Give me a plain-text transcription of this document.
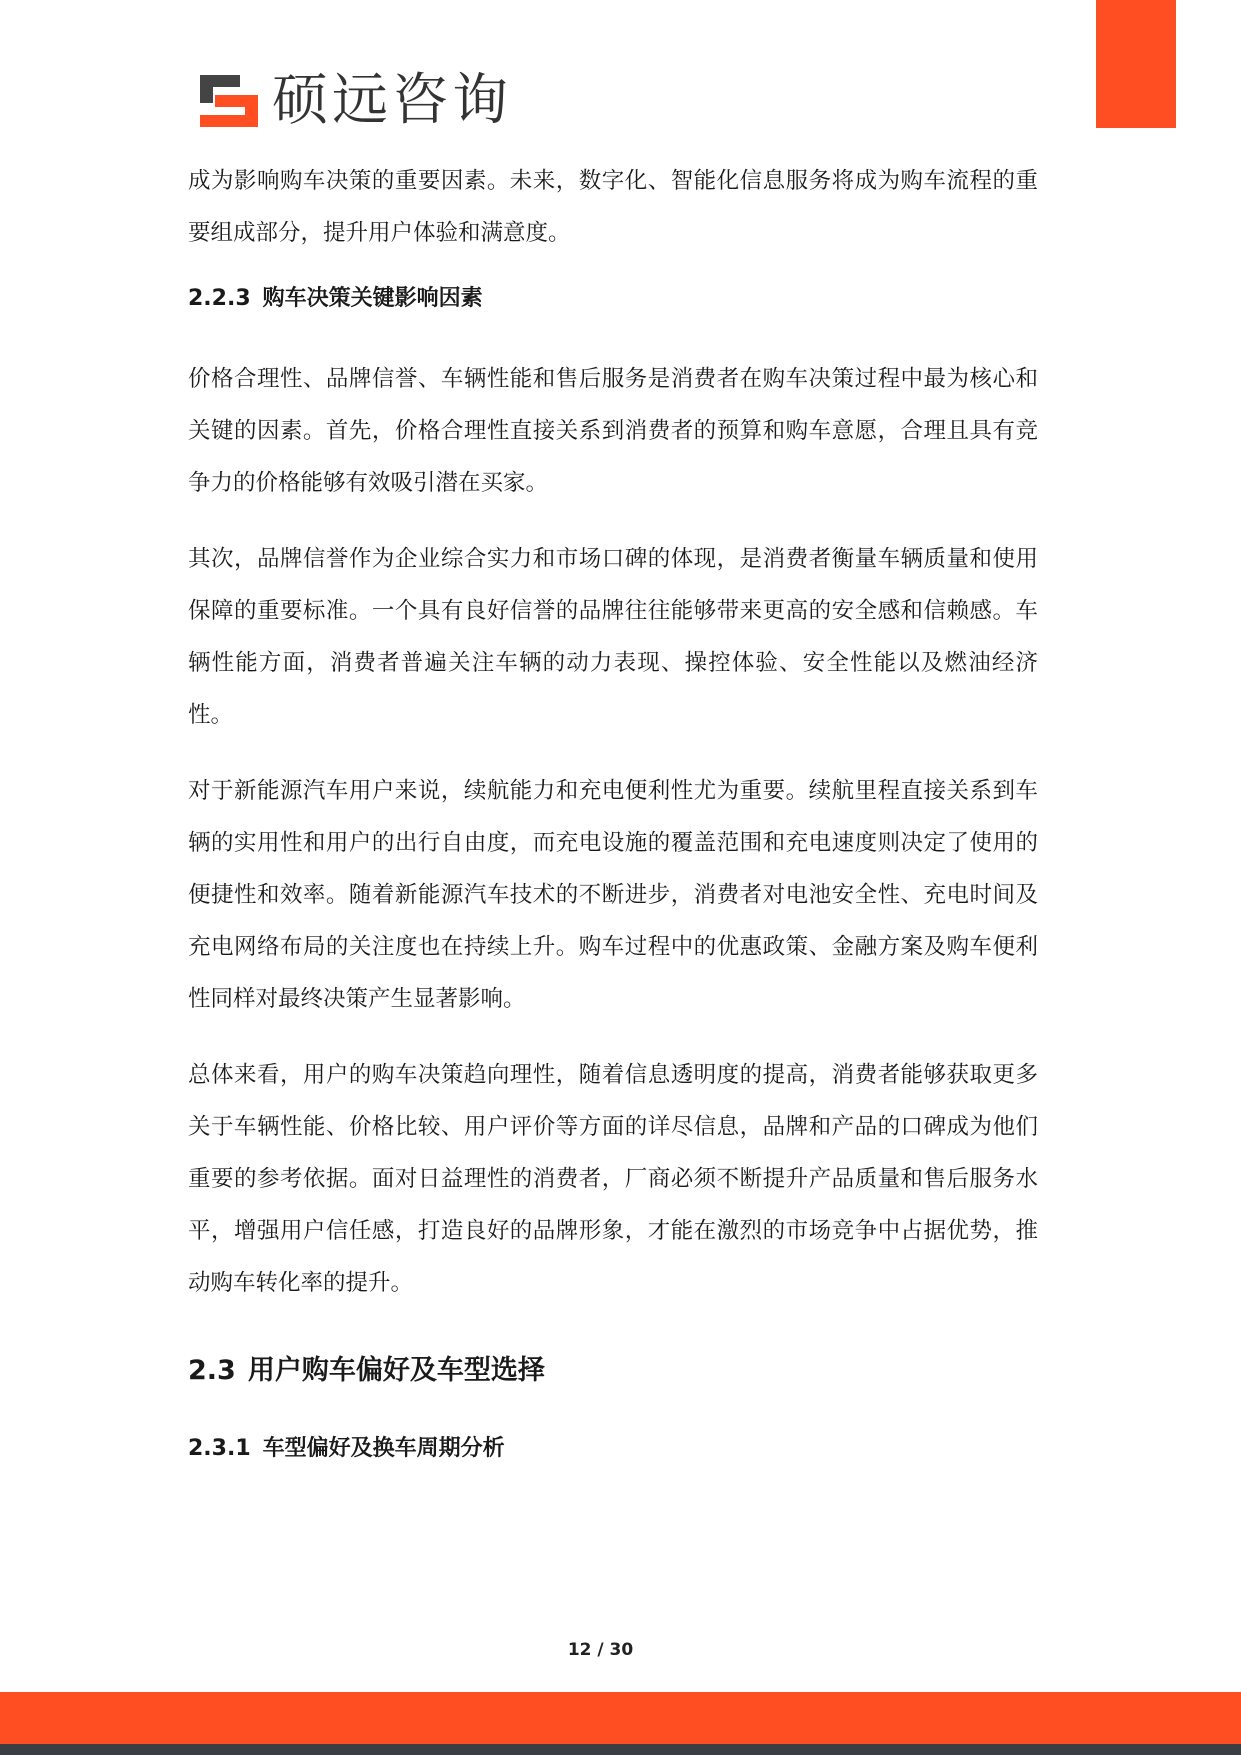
硕远咨询

成为影响购车决策的重要因素。未来，数字化、智能化信息服务将成为购车流程的重要组成部分，提升用户体验和满意度。

2.2.3 购车决策关键影响因素

价格合理性、品牌信誉、车辆性能和售后服务是消费者在购车决策过程中最为核心和关键的因素。首先，价格合理性直接关系到消费者的预算和购车意愿，合理且具有竞争力的价格能够有效吸引潜在买家。

其次，品牌信誉作为企业综合实力和市场口碑的体现，是消费者衡量车辆质量和使用保障的重要标准。一个具有良好信誉的品牌往往能够带来更高的安全感和信赖感。车辆性能方面，消费者普遍关注车辆的动力表现、操控体验、安全性能以及燃油经济性。

对于新能源汽车用户来说，续航能力和充电便利性尤为重要。续航里程直接关系到车辆的实用性和用户的出行自由度，而充电设施的覆盖范围和充电速度则决定了使用的便捷性和效率。随着新能源汽车技术的不断进步，消费者对电池安全性、充电时间及充电网络布局的关注度也在持续上升。购车过程中的优惠政策、金融方案及购车便利性同样对最终决策产生显著影响。

总体来看，用户的购车决策趋向理性，随着信息透明度的提高，消费者能够获取更多关于车辆性能、价格比较、用户评价等方面的详尽信息，品牌和产品的口碑成为他们重要的参考依据。面对日益理性的消费者，厂商必须不断提升产品质量和售后服务水平，增强用户信任感，打造良好的品牌形象，才能在激烈的市场竞争中占据优势，推动购车转化率的提升。

2.3 用户购车偏好及车型选择
2.3.1 车型偏好及换车周期分析
12 / 30
